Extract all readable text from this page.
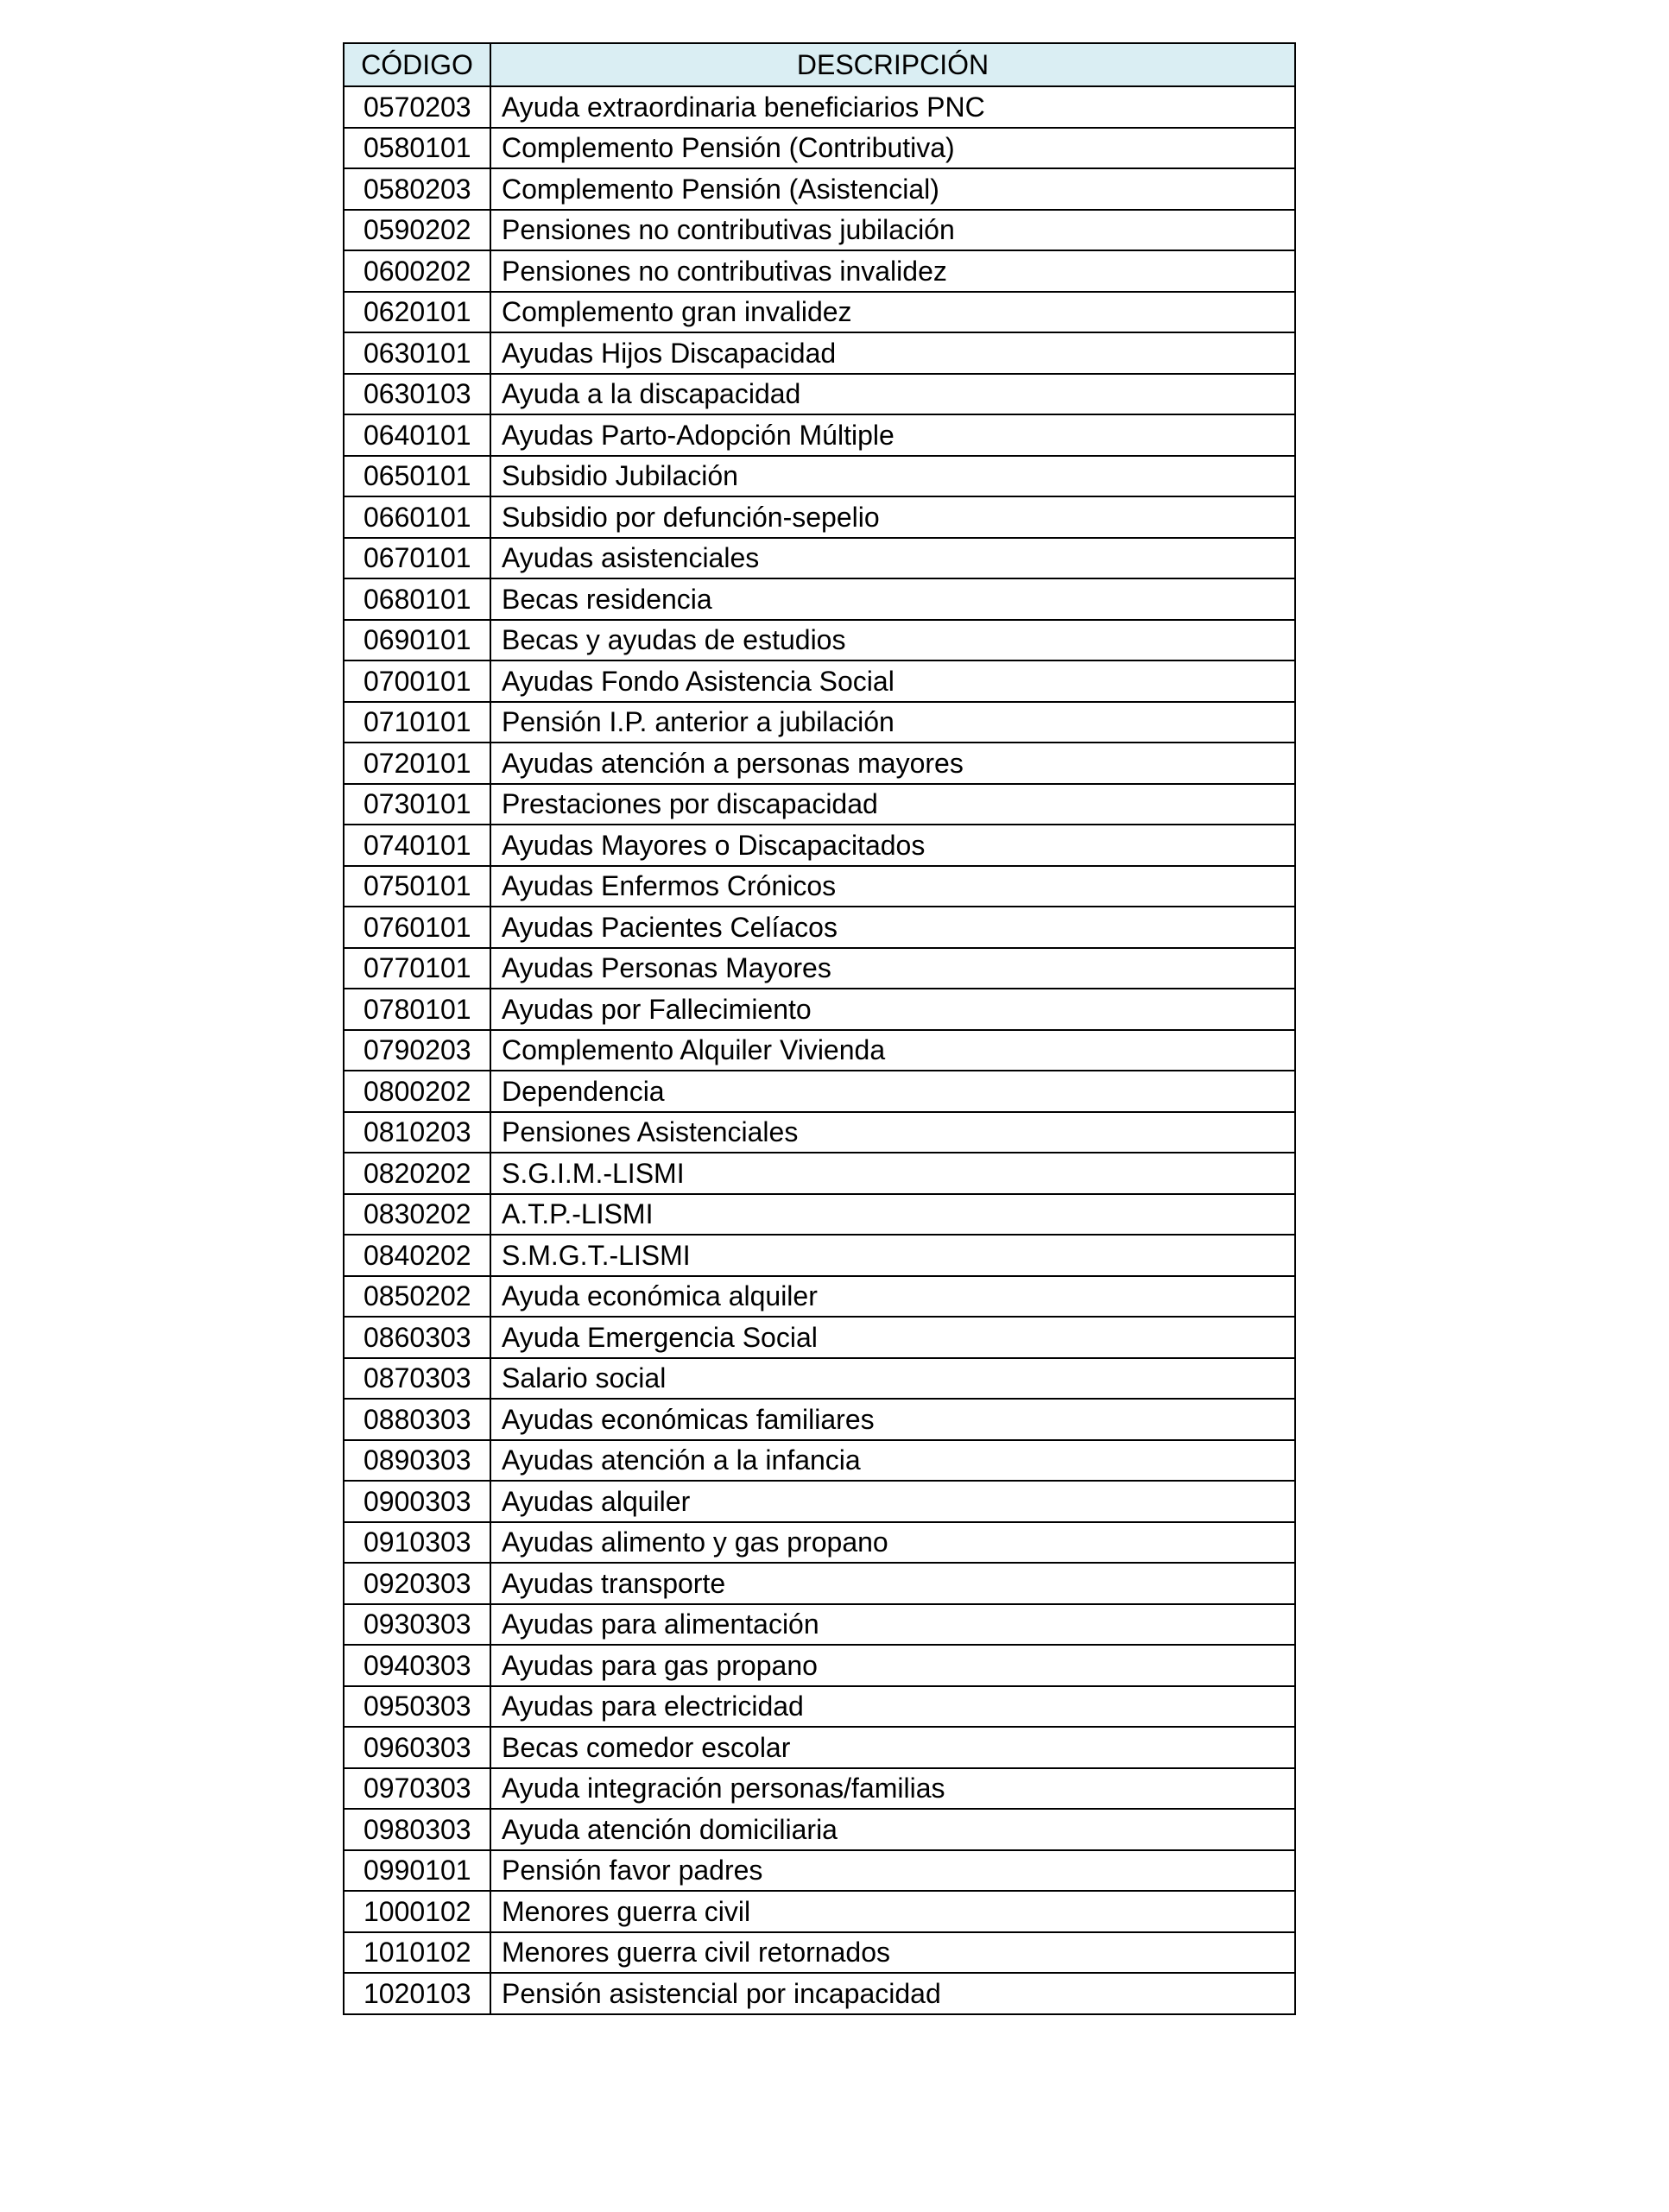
CÓDIGO	DESCRIPCIÓN
0570203	Ayuda extraordinaria beneficiarios PNC
0580101	Complemento Pensión (Contributiva)
0580203	Complemento Pensión (Asistencial)
0590202	Pensiones no contributivas jubilación
0600202	Pensiones no contributivas invalidez
0620101	Complemento gran invalidez
0630101	Ayudas Hijos Discapacidad
0630103	Ayuda a la discapacidad
0640101	Ayudas Parto-Adopción Múltiple
0650101	Subsidio Jubilación
0660101	Subsidio por defunción-sepelio
0670101	Ayudas asistenciales
0680101	Becas residencia
0690101	Becas y ayudas de estudios
0700101	Ayudas Fondo Asistencia Social
0710101	Pensión I.P. anterior a jubilación
0720101	Ayudas atención a personas mayores
0730101	Prestaciones por discapacidad
0740101	Ayudas Mayores o Discapacitados
0750101	Ayudas Enfermos Crónicos
0760101	Ayudas Pacientes Celíacos
0770101	Ayudas Personas Mayores
0780101	Ayudas por Fallecimiento
0790203	Complemento Alquiler Vivienda
0800202	Dependencia
0810203	Pensiones Asistenciales
0820202	S.G.I.M.-LISMI
0830202	A.T.P.-LISMI
0840202	S.M.G.T.-LISMI
0850202	Ayuda económica alquiler
0860303	Ayuda Emergencia Social
0870303	Salario social
0880303	Ayudas económicas familiares
0890303	Ayudas atención a la infancia
0900303	Ayudas alquiler
0910303	Ayudas alimento y gas propano
0920303	Ayudas transporte
0930303	Ayudas para alimentación
0940303	Ayudas para gas propano
0950303	Ayudas para electricidad
0960303	Becas comedor escolar
0970303	Ayuda integración personas/familias
0980303	Ayuda atención domiciliaria
0990101	Pensión favor padres
1000102	Menores guerra civil
1010102	Menores guerra civil retornados
1020103	Pensión asistencial por incapacidad
